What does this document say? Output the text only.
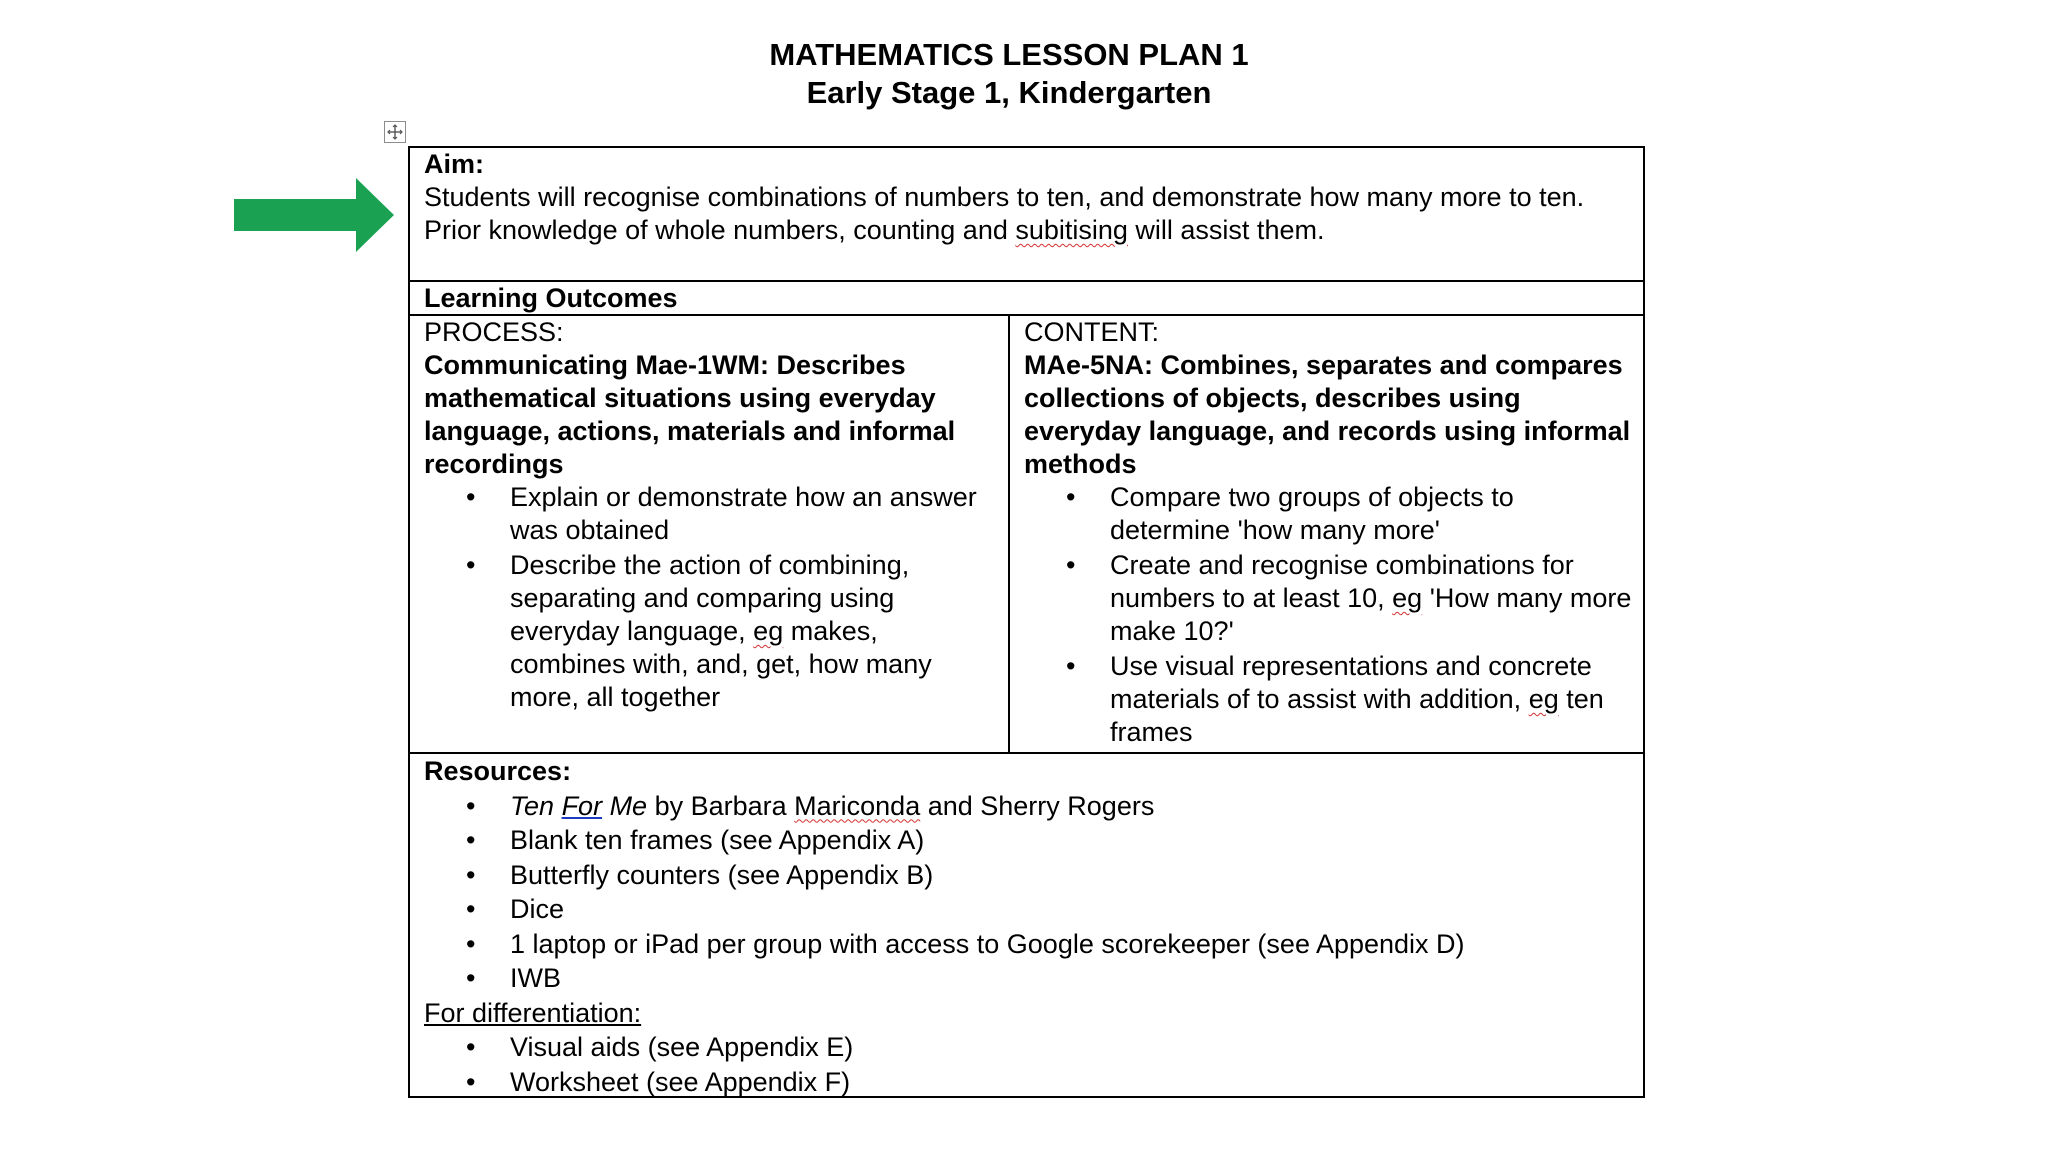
MATHEMATICS LESSON PLAN 1
Early Stage 1, Kindergarten
Aim:
Students will recognise combinations of numbers to ten, and demonstrate how many more to ten. Prior knowledge of whole numbers, counting and subitising will assist them.
Learning Outcomes
PROCESS:
Communicating Mae-1WM: Describes mathematical situations using everyday language, actions, materials and informal recordings
• Explain or demonstrate how an answer was obtained
• Describe the action of combining, separating and comparing using everyday language, eg makes, combines with, and, get, how many more, all together
CONTENT:
MAe-5NA: Combines, separates and compares collections of objects, describes using everyday language, and records using informal methods
• Compare two groups of objects to determine 'how many more'
• Create and recognise combinations for numbers to at least 10, eg 'How many more make 10?'
• Use visual representations and concrete materials of to assist with addition, eg ten frames
Resources:
• Ten For Me by Barbara Mariconda and Sherry Rogers
• Blank ten frames (see Appendix A)
• Butterfly counters (see Appendix B)
• Dice
• 1 laptop or iPad per group with access to Google scorekeeper (see Appendix D)
• IWB
For differentiation:
• Visual aids (see Appendix E)
• Worksheet (see Appendix F)
